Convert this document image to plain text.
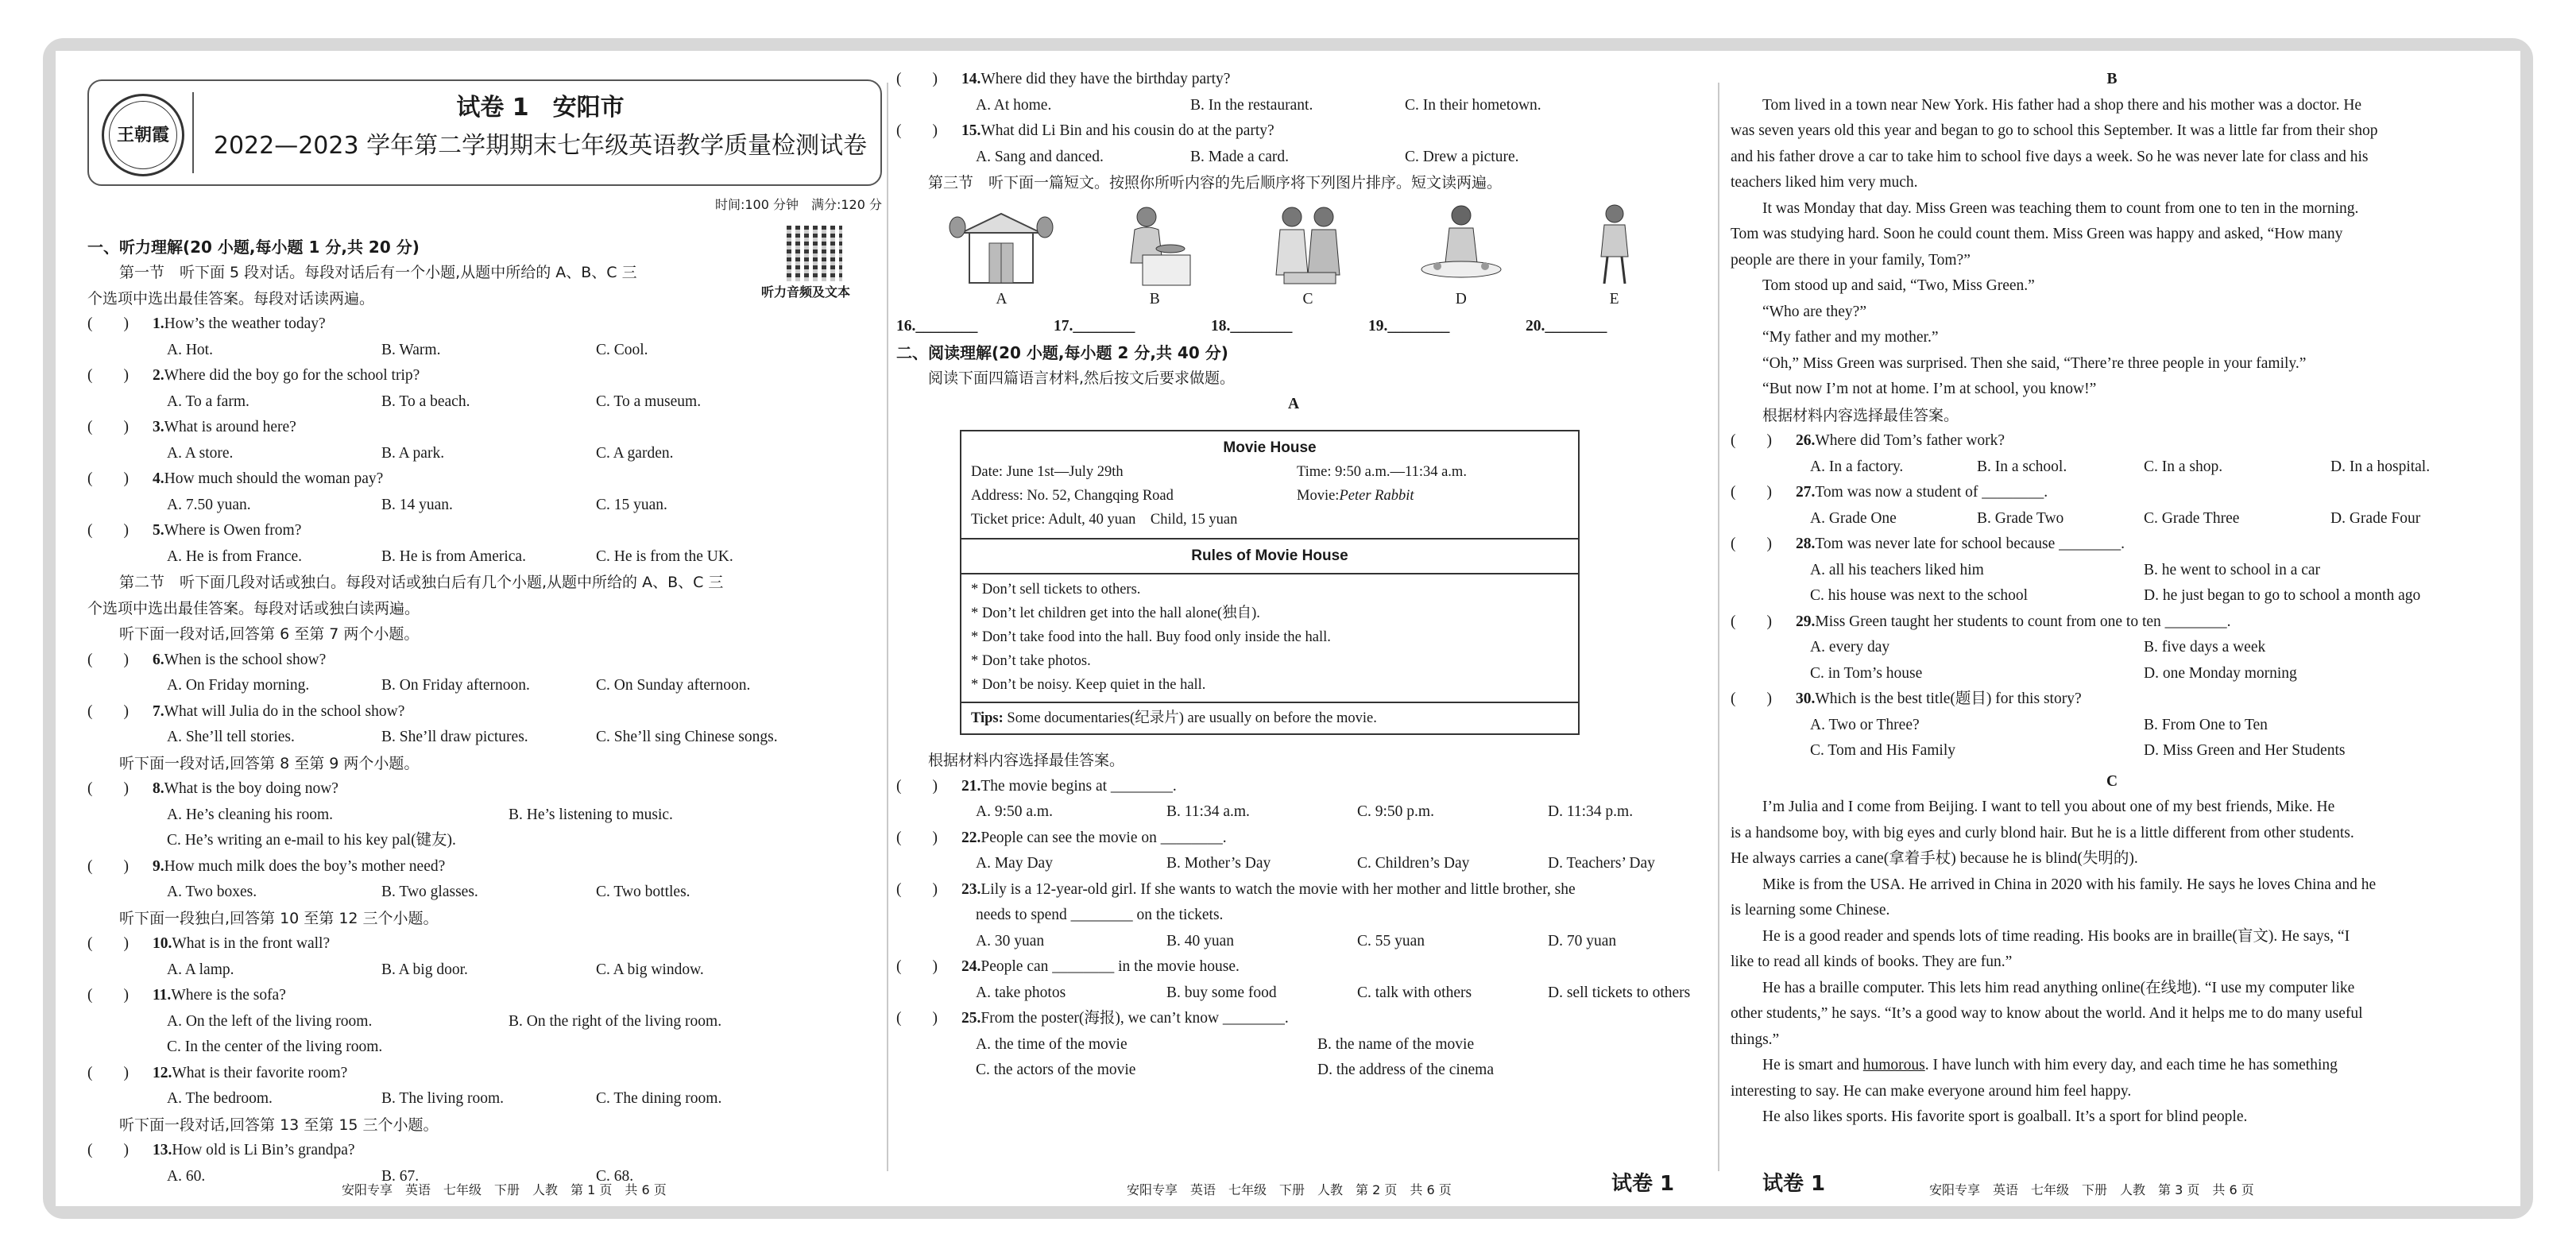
王朝霞
试卷 1　安阳市
2022—2023 学年第二学期期末七年级英语教学质量检测试卷
时间:100 分钟　满分:120 分
听力音频及文本
一、听力理解(20 小题,每小题 1 分,共 20 分)
第一节　听下面 5 段对话。每段对话后有一个小题,从题中所给的 A、B、C 三
个选项中选出最佳答案。每段对话读两遍。
(　　) 1.How’s the weather today?
A. Hot.	B. Warm.	C. Cool.
(　　) 2.Where did the boy go for the school trip?
A. To a farm.	B. To a beach.	C. To a museum.
(　　) 3.What is around here?
A. A store.	B. A park.	C. A garden.
(　　) 4.How much should the woman pay?
A. 7.50 yuan.	B. 14 yuan.	C. 15 yuan.
(　　) 5.Where is Owen from?
A. He is from France.	B. He is from America.	C. He is from the UK.
第二节　听下面几段对话或独白。每段对话或独白后有几个小题,从题中所给的 A、B、C 三
个选项中选出最佳答案。每段对话或独白读两遍。
听下面一段对话,回答第 6 至第 7 两个小题。
(　　) 6.When is the school show?
A. On Friday morning.	B. On Friday afternoon.	C. On Sunday afternoon.
(　　) 7.What will Julia do in the school show?
A. She’ll tell stories.	B. She’ll draw pictures.	C. She’ll sing Chinese songs.
听下面一段对话,回答第 8 至第 9 两个小题。
(　　) 8.What is the boy doing now?
A. He’s cleaning his room.	B. He’s listening to music.
C. He’s writing an e-mail to his key pal(键友).
(　　) 9.How much milk does the boy’s mother need?
A. Two boxes.	B. Two glasses.	C. Two bottles.
听下面一段独白,回答第 10 至第 12 三个小题。
(　　) 10.What is in the front wall?
A. A lamp.	B. A big door.	C. A big window.
(　　) 11.Where is the sofa?
A. On the left of the living room.	B. On the right of the living room.
C. In the center of the living room.
(　　) 12.What is their favorite room?
A. The bedroom.	B. The living room.	C. The dining room.
听下面一段对话,回答第 13 至第 15 三个小题。
(　　) 13.How old is Li Bin’s grandpa?
A. 60.	B. 67.	C. 68.
安阳专享　英语　七年级　下册　人教　第 1 页　共 6 页
(　　) 14.Where did they have the birthday party?
A. At home.	B. In the restaurant.	C. In their hometown.
(　　) 15.What did Li Bin and his cousin do at the party?
A. Sang and danced.	B. Made a card.	C. Drew a picture.
第三节　听下面一篇短文。按照你所听内容的先后顺序将下列图片排序。短文读两遍。
A	B	C	D	E
16.________	17.________	18.________	19.________	20.________
二、阅读理解(20 小题,每小题 2 分,共 40 分)
阅读下面四篇语言材料,然后按文后要求做题。
A
Movie House
Date: June 1st—July 29th	Time: 9:50 a.m.—11:34 a.m.
Address: No. 52, Changqing Road	Movie:Peter Rabbit
Ticket price: Adult, 40 yuan　Child, 15 yuan
Rules of Movie House
* Don’t sell tickets to others.
* Don’t let children get into the hall alone(独自).
* Don’t take food into the hall. Buy food only inside the hall.
* Don’t take photos.
* Don’t be noisy. Keep quiet in the hall.
Tips: Some documentaries(纪录片) are usually on before the movie.
根据材料内容选择最佳答案。
(　　) 21.The movie begins at ________.
A. 9:50 a.m.	B. 11:34 a.m.	C. 9:50 p.m.	D. 11:34 p.m.
(　　) 22.People can see the movie on ________.
A. May Day	B. Mother’s Day	C. Children’s Day	D. Teachers’ Day
(　　) 23.Lily is a 12-year-old girl. If she wants to watch the movie with her mother and little brother, she
needs to spend ________ on the tickets.
A. 30 yuan	B. 40 yuan	C. 55 yuan	D. 70 yuan
(　　) 24.People can ________ in the movie house.
A. take photos	B. buy some food	C. talk with others	D. sell tickets to others
(　　) 25.From the poster(海报), we can’t know ________.
A. the time of the movie	B. the name of the movie
C. the actors of the movie	D. the address of the cinema
安阳专享　英语　七年级　下册　人教　第 2 页　共 6 页	试卷 1
B
Tom lived in a town near New York. His father had a shop there and his mother was a doctor. He
was seven years old this year and began to go to school this September. It was a little far from their shop
and his father drove a car to take him to school five days a week. So he was never late for class and his
teachers liked him very much.
It was Monday that day. Miss Green was teaching them to count from one to ten in the morning.
Tom was studying hard. Soon he could count them. Miss Green was happy and asked, “How many
people are there in your family, Tom?”
Tom stood up and said, “Two, Miss Green.”
“Who are they?”
“My father and my mother.”
“Oh,” Miss Green was surprised. Then she said, “There’re three people in your family.”
“But now I’m not at home. I’m at school, you know!”
根据材料内容选择最佳答案。
(　　) 26.Where did Tom’s father work?
A. In a factory.	B. In a school.	C. In a shop.	D. In a hospital.
(　　) 27.Tom was now a student of ________.
A. Grade One	B. Grade Two	C. Grade Three	D. Grade Four
(　　) 28.Tom was never late for school because ________.
A. all his teachers liked him	B. he went to school in a car
C. his house was next to the school	D. he just began to go to school a month ago
(　　) 29.Miss Green taught her students to count from one to ten ________.
A. every day	B. five days a week
C. in Tom’s house	D. one Monday morning
(　　) 30.Which is the best title(题目) for this story?
A. Two or Three?	B. From One to Ten
C. Tom and His Family	D. Miss Green and Her Students
C
I’m Julia and I come from Beijing. I want to tell you about one of my best friends, Mike. He
is a handsome boy, with big eyes and curly blond hair. But he is a little different from other students.
He always carries a cane(拿着手杖) because he is blind(失明的).
Mike is from the USA. He arrived in China in 2020 with his family. He says he loves China and he
is learning some Chinese.
He is a good reader and spends lots of time reading. His books are in braille(盲文). He says, “I
like to read all kinds of books. They are fun.”
He has a braille computer. This lets him read anything online(在线地). “I use my computer like
other students,” he says. “It’s a good way to know about the world. And it helps me to do many useful
things.”
He is smart and humorous. I have lunch with him every day, and each time he has something
interesting to say. He can make everyone around him feel happy.
He also likes sports. His favorite sport is goalball. It’s a sport for blind people.
试卷 1	安阳专享　英语　七年级　下册　人教　第 3 页　共 6 页
